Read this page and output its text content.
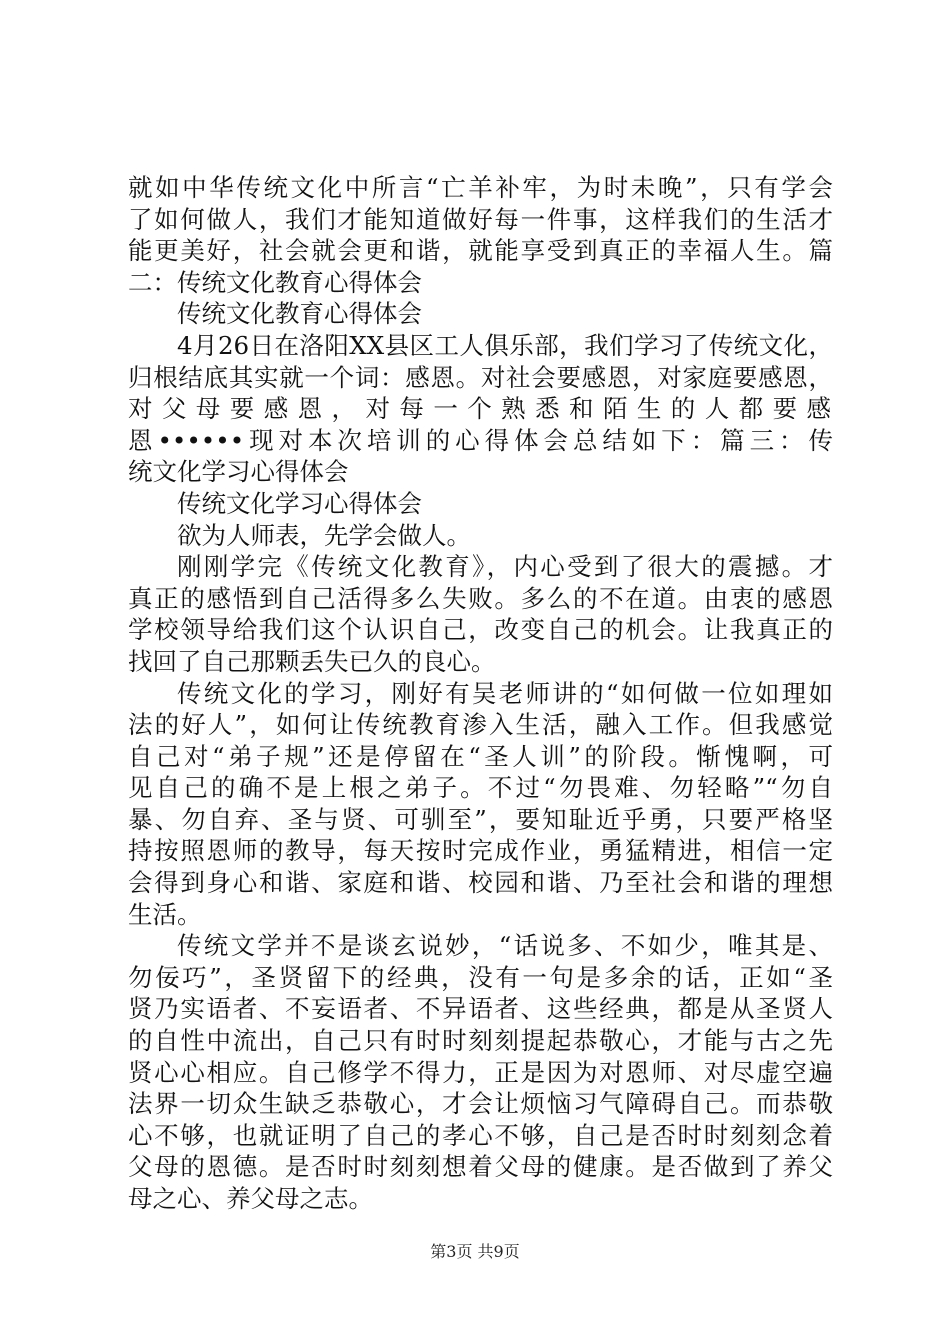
就如中华传统文化中所言“亡羊补牢，为时未晚”，只有学会
了如何做人，我们才能知道做好每一件事，这样我们的生活才
能更美好，社会就会更和谐，就能享受到真正的幸福人生。篇
二：传统文化教育心得体会
传统文化教育心得体会
4月26日在洛阳XX县区工人俱乐部，我们学习了传统文化，
归根结底其实就一个词：感恩。对社会要感恩，对家庭要感恩，
对父母要感恩，对每一个熟悉和陌生的人都要感
恩••••••现对本次培训的心得体会总结如下：篇三：传
统文化学习心得体会
传统文化学习心得体会
欲为人师表，先学会做人。
刚刚学完《传统文化教育》，内心受到了很大的震撼。才
真正的感悟到自己活得多么失败。多么的不在道。由衷的感恩
学校领导给我们这个认识自己，改变自己的机会。让我真正的
找回了自己那颗丢失已久的良心。
传统文化的学习，刚好有吴老师讲的“如何做一位如理如
法的好人”，如何让传统教育渗入生活，融入工作。但我感觉
自己对“弟子规”还是停留在“圣人训”的阶段。惭愧啊，可
见自己的确不是上根之弟子。不过“勿畏难、勿轻略”“勿自
暴、勿自弃、圣与贤、可驯至”，要知耻近乎勇，只要严格坚
持按照恩师的教导，每天按时完成作业，勇猛精进，相信一定
会得到身心和谐、家庭和谐、校园和谐、乃至社会和谐的理想
生活。
传统文学并不是谈玄说妙，“话说多、不如少，唯其是、
勿佞巧”，圣贤留下的经典，没有一句是多余的话，正如“圣
贤乃实语者、不妄语者、不异语者、这些经典，都是从圣贤人
的自性中流出，自己只有时时刻刻提起恭敬心，才能与古之先
贤心心相应。自己修学不得力，正是因为对恩师、对尽虚空遍
法界一切众生缺乏恭敬心，才会让烦恼习气障碍自己。而恭敬
心不够，也就证明了自己的孝心不够，自己是否时时刻刻念着
父母的恩德。是否时时刻刻想着父母的健康。是否做到了养父
母之心、养父母之志。
第3页 共9页
